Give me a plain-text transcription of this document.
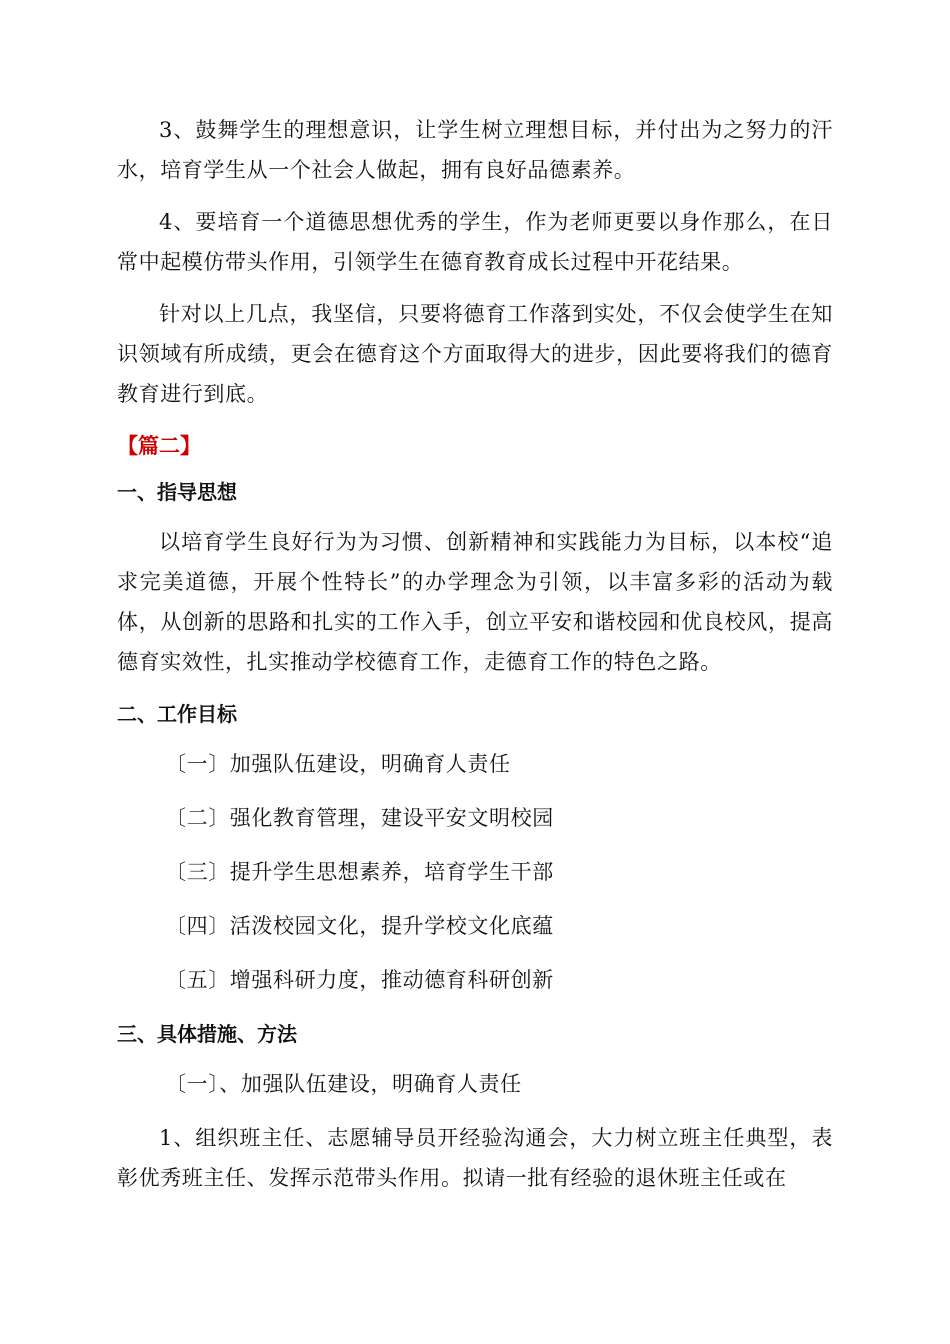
3、鼓舞学生的理想意识，让学生树立理想目标，并付出为之努力的汗水，培育学生从一个社会人做起，拥有良好品德素养。

4、要培育一个道德思想优秀的学生，作为老师更要以身作那么，在日常中起模仿带头作用，引领学生在德育教育成长过程中开花结果。

针对以上几点，我坚信，只要将德育工作落到实处，不仅会使学生在知识领域有所成绩，更会在德育这个方面取得大的进步，因此要将我们的德育教育进行到底。

【篇二】
一、指导思想

以培育学生良好行为为习惯、创新精神和实践能力为目标，以本校“追求完美道德，开展个性特长”的办学理念为引领，以丰富多彩的活动为载体，从创新的思路和扎实的工作入手，创立平安和谐校园和优良校风，提高德育实效性，扎实推动学校德育工作，走德育工作的特色之路。

二、工作目标
〔一〕加强队伍建设，明确育人责任
〔二〕强化教育管理，建设平安文明校园
〔三〕提升学生思想素养，培育学生干部
〔四〕活泼校园文化，提升学校文化底蕴
〔五〕增强科研力度，推动德育科研创新
三、具体措施、方法
〔一〕、加强队伍建设，明确育人责任

1、组织班主任、志愿辅导员开经验沟通会，大力树立班主任典型，表彰优秀班主任、发挥示范带头作用。拟请一批有经验的退休班主任或在
